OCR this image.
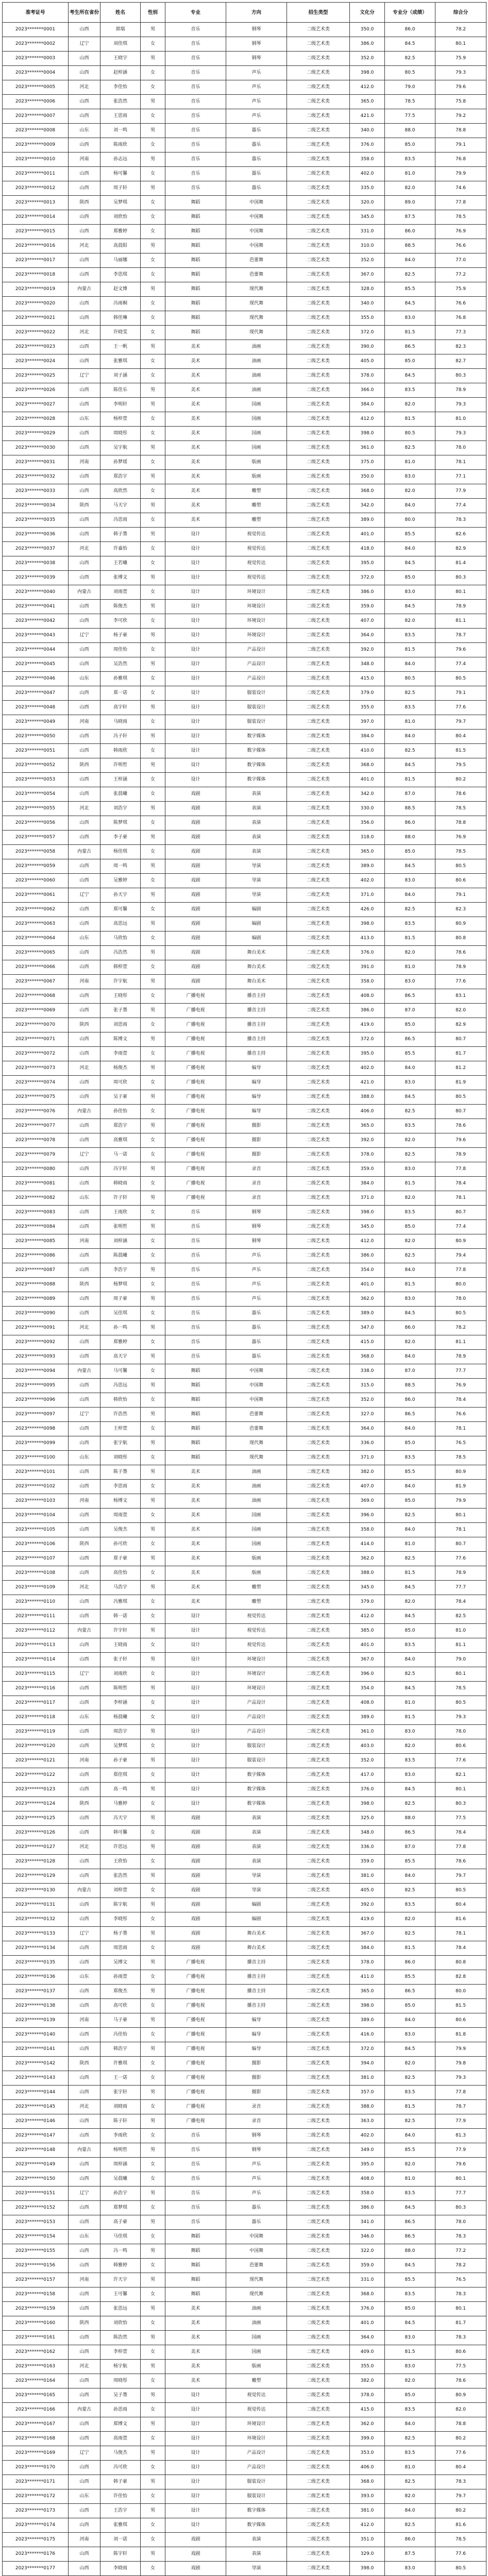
准考证号	考生所在省份	姓名	性别	专业	方向	招生类型	文化分	专业分（成绩）	综合分
2023*******0001	山西	郭瑞	男	音乐	钢琴	二级艺术类	350.0	86.0	78.2
2023*******0002	辽宁	刘佳琪	女	音乐	钢琴	二级艺术类	386.0	84.5	80.1
2023*******0003	山西	王晓宇	男	音乐	钢琴	二级艺术类	352.0	82.5	75.9
2023*******0004	山西	赵梓涵	女	音乐	声乐	二级艺术类	398.0	80.5	79.3
2023*******0005	河北	李佳怡	女	音乐	声乐	二级艺术类	412.0	79.0	79.6
2023*******0006	山西	张浩然	男	音乐	声乐	二级艺术类	365.0	78.5	75.8
2023*******0007	山西	王思雨	女	音乐	声乐	二级艺术类	421.0	77.5	79.2
2023*******0008	山东	刘一鸣	男	音乐	器乐	二级艺术类	340.0	88.0	78.8
2023*******0009	山西	陈雨欣	女	音乐	器乐	二级艺术类	376.0	85.0	79.1
2023*******0010	河南	孙志远	男	音乐	器乐	二级艺术类	358.0	83.5	76.8
2023*******0011	山西	杨可馨	女	音乐	器乐	二级艺术类	402.0	81.0	79.9
2023*******0012	山西	周子轩	男	音乐	器乐	二级艺术类	335.0	82.0	74.6
2023*******0013	陕西	吴梦琪	女	舞蹈	中国舞	二级艺术类	320.0	89.0	77.8
2023*******0014	山西	刘欣怡	女	舞蹈	中国舞	二级艺术类	345.0	87.5	78.5
2023*******0015	山西	郑雅婷	女	舞蹈	中国舞	二级艺术类	331.0	86.0	76.9
2023*******0016	河北	高晨阳	男	舞蹈	中国舞	二级艺术类	310.0	88.5	76.6
2023*******0017	山西	马丽娜	女	舞蹈	芭蕾舞	二级艺术类	352.0	84.0	77.0
2023*******0018	山西	李思琪	女	舞蹈	芭蕾舞	二级艺术类	367.0	82.5	77.2
2023*******0019	内蒙古	赵文博	男	舞蹈	现代舞	二级艺术类	328.0	85.5	75.9
2023*******0020	山西	冯雨桐	女	舞蹈	现代舞	二级艺术类	340.0	84.5	76.6
2023*******0021	山西	韩佳琳	女	舞蹈	现代舞	二级艺术类	355.0	83.0	76.8
2023*******0022	河北	许晓雯	女	舞蹈	现代舞	二级艺术类	372.0	81.5	77.3
2023*******0023	山西	王一帆	男	美术	油画	二级艺术类	390.0	86.5	82.3
2023*******0024	山西	张雅琪	女	美术	油画	二级艺术类	405.0	85.0	82.7
2023*******0025	辽宁	刘子涵	女	美术	油画	二级艺术类	378.0	84.5	80.3
2023*******0026	山西	陈佳乐	男	美术	油画	二级艺术类	366.0	83.5	78.9
2023*******0027	山西	李明轩	男	美术	国画	二级艺术类	384.0	82.0	79.3
2023*******0028	山东	杨梓萱	女	美术	国画	二级艺术类	412.0	81.5	81.0
2023*******0029	山西	周晓彤	女	美术	国画	二级艺术类	398.0	80.5	79.3
2023*******0030	山西	吴宇航	男	美术	国画	二级艺术类	361.0	82.5	78.0
2023*******0031	河南	孙梦瑶	女	美术	版画	二级艺术类	375.0	81.0	78.1
2023*******0032	山西	郑浩宇	男	美术	版画	二级艺术类	350.0	83.0	77.1
2023*******0033	山西	高欣然	女	美术	雕塑	二级艺术类	368.0	82.0	77.9
2023*******0034	陕西	马天宇	男	美术	雕塑	二级艺术类	342.0	84.0	77.4
2023*******0035	山西	冯思雨	女	美术	雕塑	二级艺术类	389.0	80.0	78.3
2023*******0036	山西	韩子墨	男	设计	视觉传达	二级艺术类	401.0	85.5	82.6
2023*******0037	河北	许嘉怡	女	设计	视觉传达	二级艺术类	418.0	84.0	82.9
2023*******0038	山西	王若曦	女	设计	视觉传达	二级艺术类	395.0	84.5	81.4
2023*******0039	山西	张博文	男	设计	视觉传达	二级艺术类	372.0	85.0	80.3
2023*******0040	内蒙古	刘雨萱	女	设计	环境设计	二级艺术类	386.0	83.0	80.1
2023*******0041	山西	陈俊杰	男	设计	环境设计	二级艺术类	359.0	84.5	78.9
2023*******0042	山西	李可欣	女	设计	环境设计	二级艺术类	407.0	82.0	81.1
2023*******0043	辽宁	杨子豪	男	设计	环境设计	二级艺术类	364.0	83.5	78.7
2023*******0044	山西	周佳怡	女	设计	产品设计	二级艺术类	392.0	81.5	79.6
2023*******0045	山西	吴浩然	男	设计	产品设计	二级艺术类	348.0	84.0	77.4
2023*******0046	山东	孙雅琪	女	设计	产品设计	二级艺术类	415.0	80.5	80.5
2023*******0047	山西	郑一诺	女	设计	服装设计	二级艺术类	379.0	82.5	79.1
2023*******0048	山西	高宇轩	男	设计	服装设计	二级艺术类	355.0	83.5	77.6
2023*******0049	河南	马晓雨	女	设计	服装设计	二级艺术类	397.0	81.0	79.7
2023*******0050	山西	冯子轩	男	设计	数字媒体	二级艺术类	384.0	84.0	80.4
2023*******0051	山西	韩雨欣	女	设计	数字媒体	二级艺术类	410.0	82.5	81.5
2023*******0052	陕西	许明哲	男	设计	数字媒体	二级艺术类	368.0	84.5	79.5
2023*******0053	山西	王梓涵	女	设计	数字媒体	二级艺术类	401.0	81.5	80.2
2023*******0054	山西	张晨曦	女	戏剧	表演	二级艺术类	342.0	87.0	78.6
2023*******0055	河北	刘浩宇	男	戏剧	表演	二级艺术类	330.0	88.5	78.5
2023*******0056	山西	陈梦琪	女	戏剧	表演	二级艺术类	356.0	86.0	78.8
2023*******0057	山西	李子豪	男	戏剧	表演	二级艺术类	318.0	88.0	76.9
2023*******0058	内蒙古	杨佳琪	女	戏剧	表演	二级艺术类	365.0	85.0	78.5
2023*******0059	山西	周一鸣	男	戏剧	导演	二级艺术类	389.0	84.5	80.5
2023*******0060	山西	吴雅婷	女	戏剧	导演	二级艺术类	402.0	83.0	80.6
2023*******0061	辽宁	孙天宇	男	戏剧	导演	二级艺术类	371.0	84.0	79.1
2023*******0062	山西	郑可馨	女	戏剧	编剧	二级艺术类	426.0	82.5	82.3
2023*******0063	山西	高思远	男	戏剧	编剧	二级艺术类	398.0	83.5	80.9
2023*******0064	山东	马欣怡	女	戏剧	编剧	二级艺术类	413.0	81.5	80.8
2023*******0065	山西	冯浩然	男	戏剧	舞台美术	二级艺术类	376.0	82.0	78.6
2023*******0066	山西	韩梓萱	女	戏剧	舞台美术	二级艺术类	391.0	81.0	78.9
2023*******0067	河南	许宇航	男	戏剧	舞台美术	二级艺术类	358.0	83.0	77.6
2023*******0068	山西	王晓彤	女	广播电视	播音主持	二级艺术类	408.0	86.5	83.1
2023*******0069	山西	张子墨	男	广播电视	播音主持	二级艺术类	386.0	87.0	82.0
2023*******0070	陕西	刘思雨	女	广播电视	播音主持	二级艺术类	419.0	85.0	82.9
2023*******0071	山西	陈博文	男	广播电视	播音主持	二级艺术类	372.0	86.5	80.7
2023*******0072	山西	李雨萱	女	广播电视	播音主持	二级艺术类	395.0	85.5	81.7
2023*******0073	河北	杨俊杰	男	广播电视	编导	二级艺术类	402.0	84.0	81.2
2023*******0074	山西	周可欣	女	广播电视	编导	二级艺术类	421.0	83.0	81.9
2023*******0075	山西	吴子豪	男	广播电视	编导	二级艺术类	388.0	84.5	80.5
2023*******0076	内蒙古	孙佳怡	女	广播电视	编导	二级艺术类	406.0	82.5	80.7
2023*******0077	山西	郑浩宇	男	广播电视	摄影	二级艺术类	365.0	83.5	78.6
2023*******0078	山西	高雅琪	女	广播电视	摄影	二级艺术类	392.0	82.0	79.6
2023*******0079	辽宁	马一诺	女	广播电视	摄影	二级艺术类	378.0	82.5	78.9
2023*******0080	山西	冯宇轩	男	广播电视	录音	二级艺术类	359.0	83.0	77.8
2023*******0081	山西	韩晓雨	女	广播电视	录音	二级艺术类	384.0	81.5	78.4
2023*******0082	山东	许子轩	男	广播电视	录音	二级艺术类	371.0	82.0	78.1
2023*******0083	山西	王雨欣	女	音乐	钢琴	二级艺术类	398.0	83.5	80.7
2023*******0084	山西	张明哲	男	音乐	钢琴	二级艺术类	345.0	85.0	77.4
2023*******0085	河南	刘梓涵	女	音乐	钢琴	二级艺术类	412.0	82.0	80.9
2023*******0086	山西	陈晨曦	女	音乐	声乐	二级艺术类	386.0	82.5	79.4
2023*******0087	山西	李浩宇	男	音乐	声乐	二级艺术类	354.0	84.0	77.8
2023*******0088	陕西	杨梦琪	女	音乐	声乐	二级艺术类	401.0	81.5	80.0
2023*******0089	山西	周子豪	男	音乐	声乐	二级艺术类	362.0	83.0	78.0
2023*******0090	山西	吴佳琪	女	音乐	器乐	二级艺术类	389.0	84.5	80.5
2023*******0091	河北	孙一鸣	男	音乐	器乐	二级艺术类	347.0	86.0	78.2
2023*******0092	山西	郑雅婷	女	音乐	器乐	二级艺术类	415.0	82.0	81.1
2023*******0093	山西	高天宇	男	音乐	器乐	二级艺术类	368.0	84.0	78.9
2023*******0094	内蒙古	马可馨	女	舞蹈	中国舞	二级艺术类	338.0	87.0	77.7
2023*******0095	山西	冯思远	男	舞蹈	中国舞	二级艺术类	315.0	88.5	76.9
2023*******0096	山西	韩欣怡	女	舞蹈	中国舞	二级艺术类	352.0	86.0	78.4
2023*******0097	辽宁	许浩然	男	舞蹈	芭蕾舞	二级艺术类	327.0	86.5	76.6
2023*******0098	山西	王梓萱	女	舞蹈	芭蕾舞	二级艺术类	364.0	84.0	78.1
2023*******0099	山西	张宇航	男	舞蹈	现代舞	二级艺术类	336.0	85.0	76.5
2023*******0100	山东	刘晓彤	女	舞蹈	现代舞	二级艺术类	371.0	83.5	78.5
2023*******0101	山西	陈子墨	男	美术	油画	二级艺术类	382.0	85.5	80.9
2023*******0102	山西	李思雨	女	美术	油画	二级艺术类	407.0	84.0	81.9
2023*******0103	河南	杨博文	男	美术	油画	二级艺术类	369.0	85.0	79.9
2023*******0104	山西	周雨萱	女	美术	国画	二级艺术类	396.0	82.5	80.1
2023*******0105	山西	吴俊杰	男	美术	国画	二级艺术类	358.0	84.0	78.1
2023*******0106	陕西	孙可欣	女	美术	国画	二级艺术类	414.0	81.0	80.7
2023*******0107	山西	郑子豪	男	美术	版画	二级艺术类	362.0	82.5	77.6
2023*******0108	山西	高佳怡	女	美术	版画	二级艺术类	388.0	81.5	78.9
2023*******0109	河北	马浩宇	男	美术	雕塑	二级艺术类	345.0	84.5	77.7
2023*******0110	山西	冯雅琪	女	美术	雕塑	二级艺术类	379.0	82.0	78.4
2023*******0111	山西	韩一诺	女	设计	视觉传达	二级艺术类	412.0	84.5	82.5
2023*******0112	内蒙古	许宇轩	男	设计	视觉传达	二级艺术类	385.0	85.0	81.0
2023*******0113	山西	王晓雨	女	设计	视觉传达	二级艺术类	401.0	83.5	81.1
2023*******0114	山西	张子轩	男	设计	环境设计	二级艺术类	367.0	84.0	79.0
2023*******0115	辽宁	刘雨欣	女	设计	环境设计	二级艺术类	396.0	82.5	80.1
2023*******0116	山西	陈明哲	男	设计	环境设计	二级艺术类	354.0	84.5	78.5
2023*******0117	山西	李梓涵	女	设计	产品设计	二级艺术类	408.0	81.0	80.5
2023*******0118	山东	杨晨曦	女	设计	产品设计	二级艺术类	389.0	81.5	79.3
2023*******0119	山西	周浩宇	男	设计	产品设计	二级艺术类	361.0	83.0	78.0
2023*******0120	山西	吴梦琪	女	设计	服装设计	二级艺术类	403.0	82.0	80.6
2023*******0121	河南	孙子豪	男	设计	服装设计	二级艺术类	352.0	83.5	77.6
2023*******0122	山西	郑佳琪	女	设计	数字媒体	二级艺术类	417.0	83.0	82.1
2023*******0123	山西	高一鸣	男	设计	数字媒体	二级艺术类	376.0	84.5	80.1
2023*******0124	陕西	马雅婷	女	设计	数字媒体	二级艺术类	398.0	82.5	80.3
2023*******0125	山西	冯天宇	男	戏剧	表演	二级艺术类	325.0	88.0	77.5
2023*******0126	山西	韩可馨	女	戏剧	表演	二级艺术类	348.0	86.5	78.4
2023*******0127	河北	许思远	男	戏剧	表演	二级艺术类	336.0	87.0	77.8
2023*******0128	山西	王欣怡	女	戏剧	表演	二级艺术类	359.0	85.5	78.6
2023*******0129	山西	张浩然	男	戏剧	导演	二级艺术类	381.0	84.0	79.7
2023*******0130	内蒙古	刘梓萱	女	戏剧	导演	二级艺术类	405.0	82.5	80.5
2023*******0131	山西	陈宇航	男	戏剧	编剧	二级艺术类	392.0	83.5	80.4
2023*******0132	山西	李晓彤	女	戏剧	编剧	二级艺术类	419.0	82.0	81.6
2023*******0133	辽宁	杨子墨	男	戏剧	舞台美术	二级艺术类	367.0	82.5	78.1
2023*******0134	山西	周思雨	女	戏剧	舞台美术	二级艺术类	384.0	81.5	78.4
2023*******0135	山西	吴博文	男	广播电视	播音主持	二级艺术类	378.0	86.0	80.8
2023*******0136	山东	孙雨萱	女	广播电视	播音主持	二级艺术类	411.0	85.5	82.8
2023*******0137	山西	郑俊杰	男	广播电视	播音主持	二级艺术类	365.0	86.5	80.0
2023*******0138	山西	高可欣	女	广播电视	播音主持	二级艺术类	398.0	85.0	81.5
2023*******0139	河南	马子豪	男	广播电视	编导	二级艺术类	389.0	84.0	80.6
2023*******0140	山西	冯佳怡	女	广播电视	编导	二级艺术类	416.0	83.0	81.8
2023*******0141	山西	韩浩宇	男	广播电视	编导	二级艺术类	372.0	84.5	79.9
2023*******0142	陕西	许雅琪	女	广播电视	摄影	二级艺术类	394.0	82.0	79.8
2023*******0143	山西	王一诺	女	广播电视	摄影	二级艺术类	381.0	82.5	79.3
2023*******0144	山西	张宇轩	男	广播电视	摄影	二级艺术类	357.0	83.5	77.8
2023*******0145	河北	刘晓雨	女	广播电视	录音	二级艺术类	388.0	81.5	78.7
2023*******0146	山西	陈子轩	男	广播电视	录音	二级艺术类	363.0	82.5	77.9
2023*******0147	山西	李雨欣	女	音乐	钢琴	二级艺术类	402.0	84.0	81.3
2023*******0148	内蒙古	杨明哲	男	音乐	钢琴	二级艺术类	349.0	85.5	77.9
2023*******0149	山西	周梓涵	女	音乐	声乐	二级艺术类	395.0	82.0	79.6
2023*******0150	山西	吴晨曦	女	音乐	声乐	二级艺术类	408.0	81.0	80.1
2023*******0151	辽宁	孙浩宇	男	音乐	声乐	二级艺术类	358.0	83.5	77.7
2023*******0152	山西	郑梦琪	女	音乐	器乐	二级艺术类	386.0	84.5	80.3
2023*******0153	山西	高子豪	男	音乐	器乐	二级艺术类	341.0	86.5	78.0
2023*******0154	山东	马佳琪	女	舞蹈	中国舞	二级艺术类	346.0	86.5	78.3
2023*******0155	山西	冯一鸣	男	舞蹈	中国舞	二级艺术类	322.0	88.0	77.2
2023*******0156	山西	韩雅婷	女	舞蹈	芭蕾舞	二级艺术类	359.0	84.5	78.2
2023*******0157	河南	许天宇	男	舞蹈	现代舞	二级艺术类	331.0	85.5	76.5
2023*******0158	山西	王可馨	女	舞蹈	现代舞	二级艺术类	368.0	83.5	78.3
2023*******0159	山西	张思远	男	美术	油画	二级艺术类	376.0	85.0	80.1
2023*******0160	陕西	刘欣怡	女	美术	油画	二级艺术类	401.0	84.5	81.7
2023*******0161	山西	陈浩然	男	美术	国画	二级艺术类	364.0	83.0	78.3
2023*******0162	山西	李梓萱	女	美术	国画	二级艺术类	409.0	81.5	80.6
2023*******0163	河北	杨宇航	男	美术	版画	二级艺术类	355.0	83.0	77.5
2023*******0164	山西	周晓彤	女	美术	雕塑	二级艺术类	382.0	82.0	78.6
2023*******0165	山西	吴子墨	男	设计	视觉传达	二级艺术类	378.0	85.0	80.9
2023*******0166	内蒙古	孙思雨	女	设计	视觉传达	二级艺术类	415.0	83.5	82.0
2023*******0167	山西	郑博文	男	设计	环境设计	二级艺术类	362.0	84.0	78.8
2023*******0168	山西	高雨萱	女	设计	环境设计	二级艺术类	399.0	82.5	80.2
2023*******0169	辽宁	马俊杰	男	设计	产品设计	二级艺术类	353.0	83.5	77.6
2023*******0170	山西	冯可欣	女	设计	产品设计	二级艺术类	406.0	81.0	80.4
2023*******0171	山西	韩子豪	男	设计	服装设计	二级艺术类	368.0	82.5	78.3
2023*******0172	山东	许佳怡	女	设计	服装设计	二级艺术类	393.0	82.0	79.7
2023*******0173	山西	王浩宇	男	设计	数字媒体	二级艺术类	381.0	84.0	80.2
2023*******0174	山西	张雅琪	女	设计	数字媒体	二级艺术类	412.0	82.5	81.6
2023*******0175	河南	刘一诺	女	戏剧	表演	二级艺术类	351.0	86.0	78.5
2023*******0176	山西	陈宇轩	男	戏剧	表演	二级艺术类	329.0	87.5	77.6
2023*******0177	山西	李晓雨	女	戏剧	导演	二级艺术类	398.0	83.0	80.5
